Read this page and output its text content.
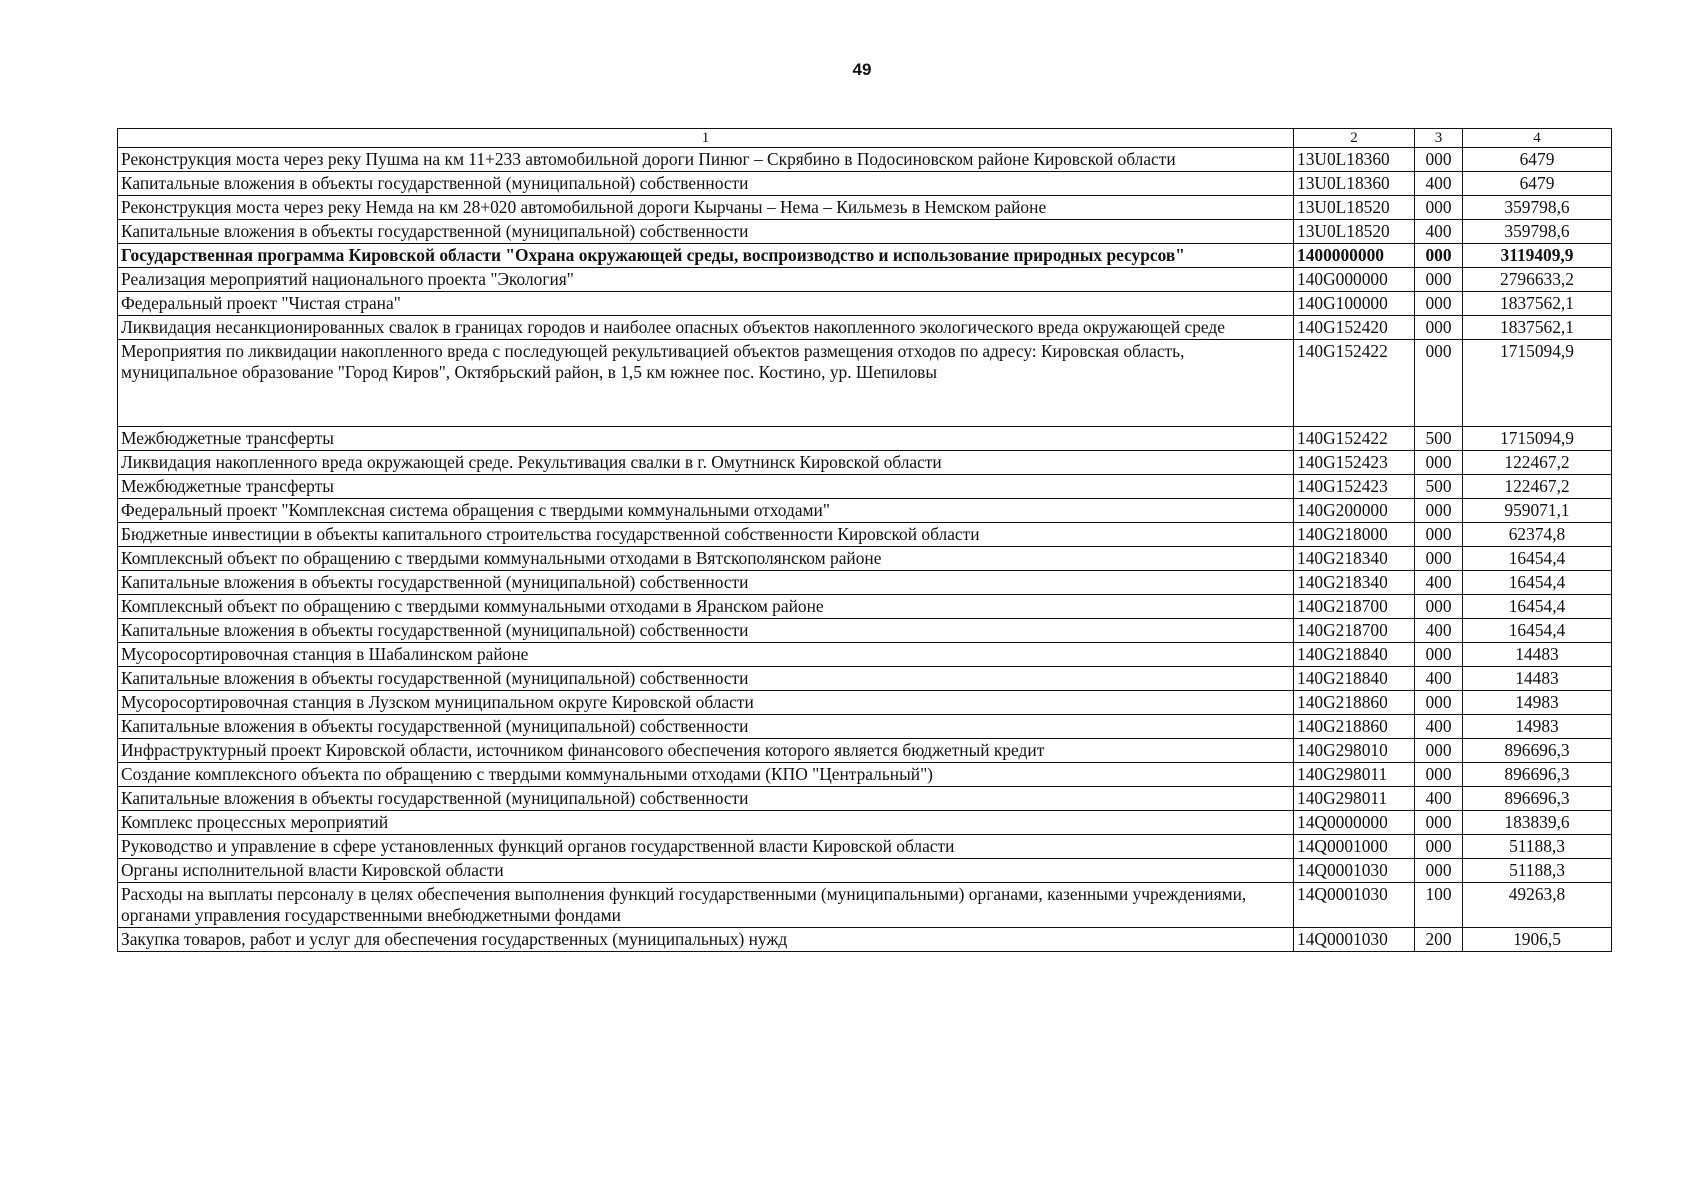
49
1	2	3	4
Реконструкция моста через реку Пушма на км 11+233 автомобильной дороги Пинюг – Скрябино в Подосиновском районе Кировской области	13U0L18360	000	6479
Капитальные вложения в объекты государственной (муниципальной) собственности	13U0L18360	400	6479
Реконструкция моста через реку Немда на км 28+020 автомобильной дороги Кырчаны – Нема – Кильмезь в Немском районе	13U0L18520	000	359798,6
Капитальные вложения в объекты государственной (муниципальной) собственности	13U0L18520	400	359798,6
Государственная программа Кировской области "Охрана окружающей среды, воспроизводство и использование природных ресурсов"	1400000000	000	3119409,9
Реализация мероприятий национального проекта "Экология"	140G000000	000	2796633,2
Федеральный проект "Чистая страна"	140G100000	000	1837562,1
Ликвидация несанкционированных свалок в границах городов и наиболее опасных объектов накопленного экологического вреда окружающей среде	140G152420	000	1837562,1
Мероприятия по ликвидации накопленного вреда с последующей рекультивацией объектов размещения отходов по адресу: Кировская область, муниципальное образование "Город Киров", Октябрьский район, в 1,5 км южнее пос. Костино, ур. Шепиловы	140G152422	000	1715094,9
Межбюджетные трансферты	140G152422	500	1715094,9
Ликвидация накопленного вреда окружающей среде. Рекультивация свалки в г. Омутнинск Кировской области	140G152423	000	122467,2
Межбюджетные трансферты	140G152423	500	122467,2
Федеральный проект "Комплексная система обращения с твердыми коммунальными отходами"	140G200000	000	959071,1
Бюджетные инвестиции в объекты капитального строительства государственной собственности Кировской области	140G218000	000	62374,8
Комплексный объект по обращению с твердыми коммунальными отходами в Вятскополянском районе	140G218340	000	16454,4
Капитальные вложения в объекты государственной (муниципальной) собственности	140G218340	400	16454,4
Комплексный объект по обращению с твердыми коммунальными отходами в Яранском районе	140G218700	000	16454,4
Капитальные вложения в объекты государственной (муниципальной) собственности	140G218700	400	16454,4
Мусоросортировочная станция в Шабалинском районе	140G218840	000	14483
Капитальные вложения в объекты государственной (муниципальной) собственности	140G218840	400	14483
Мусоросортировочная станция в Лузском муниципальном округе Кировской области	140G218860	000	14983
Капитальные вложения в объекты государственной (муниципальной) собственности	140G218860	400	14983
Инфраструктурный проект Кировской области, источником финансового обеспечения которого является бюджетный кредит	140G298010	000	896696,3
Создание комплексного объекта по обращению с твердыми коммунальными отходами (КПО "Центральный")	140G298011	000	896696,3
Капитальные вложения в объекты государственной (муниципальной) собственности	140G298011	400	896696,3
Комплекс процессных мероприятий	14Q0000000	000	183839,6
Руководство и управление в сфере установленных функций органов государственной власти Кировской области	14Q0001000	000	51188,3
Органы исполнительной власти Кировской области	14Q0001030	000	51188,3
Расходы на выплаты персоналу в целях обеспечения выполнения функций государственными (муниципальными) органами, казенными учреждениями, органами управления государственными внебюджетными фондами	14Q0001030	100	49263,8
Закупка товаров, работ и услуг для обеспечения государственных (муниципальных) нужд	14Q0001030	200	1906,5
